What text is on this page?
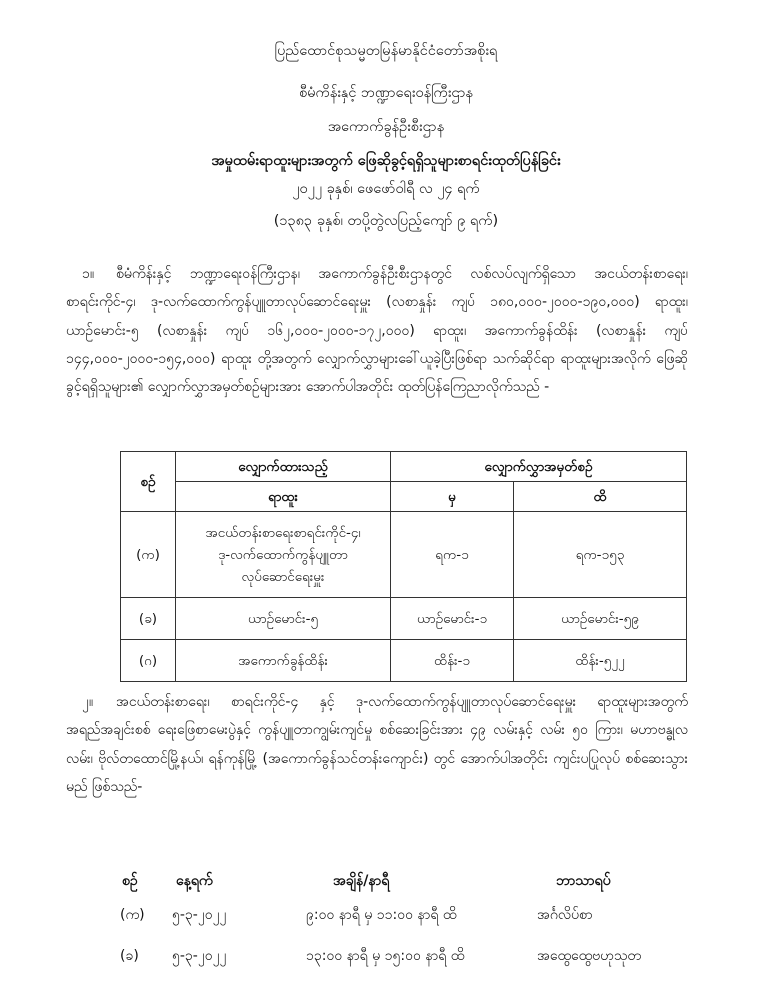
ပြည်ထောင်စုသမ္မတမြန်မာနိုင်ငံတော်အစိုးရ
စီမံကိန်းနှင့် ဘဏ္ဍာရေးဝန်ကြီးဌာန
အကောက်ခွန်ဦးစီးဌာန
အမှုထမ်းရာထူးများအတွက် ဖြေဆိုခွင့်ရရှိသူများစာရင်းထုတ်ပြန်ခြင်း
၂၀၂၂ ခုနှစ်၊ ဖေဖော်ဝါရီ လ ၂၄ ရက်
(၁၃၈၃ ခုနှစ်၊ တပို့တွဲလပြည့်ကျော် ၉ ရက်)
၁။ စီမံကိန်းနှင့် ဘဏ္ဍာရေးဝန်ကြီးဌာန၊ အကောက်ခွန်ဦးစီးဌာနတွင် လစ်လပ်လျက်ရှိသော အငယ်တန်းစာရေး၊ စာရင်းကိုင်-၄၊ ဒု-လက်ထောက်ကွန်ပျူတာလုပ်ဆောင်ရေးမှူး (လစာနှုန်း ကျပ် ၁၈၀,၀၀၀-၂၀၀၀-၁၉၀,၀၀၀) ရာထူး၊ ယာဉ်မောင်း-၅ (လစာနှုန်း ကျပ် ၁၆၂,၀၀၀-၂၀၀၀-၁၇၂,၀၀၀) ရာထူး၊ အကောက်ခွန်ထိန်း (လစာနှုန်း ကျပ် ၁၄၄,၀၀၀-၂၀၀၀-၁၅၄,၀၀၀) ရာထူး တို့အတွက် လျှောက်လွှာများခေါ်ယူခဲ့ပြီးဖြစ်ရာ သက်ဆိုင်ရာ ရာထူးများအလိုက် ဖြေဆိုခွင့်ရရှိသူများ၏ လျှောက်လွှာအမှတ်စဉ်များအား အောက်ပါအတိုင်း ထုတ်ပြန်ကြေညာလိုက်သည် -
စဉ်	လျှောက်ထားသည့်	လျှောက်လွှာအမှတ်စဉ်	
	ရာထူး	မှ	ထိ
(က)	အငယ်တန်းစာရေးစာရင်းကိုင်-၄၊
ဒု-လက်ထောက်ကွန်ပျူတာ
လုပ်ဆောင်ရေးမှူး	ရက-၁	ရက-၁၅၃
(ခ)	ယာဉ်မောင်း-၅	ယာဉ်မောင်း-၁	ယာဉ်မောင်း-၅၉
(ဂ)	အကောက်ခွန်ထိန်း	ထိန်း-၁	ထိန်း-၅၂၂
၂။ အငယ်တန်းစာရေး၊ စာရင်းကိုင်-၄ နှင့် ဒု-လက်ထောက်ကွန်ပျူတာလုပ်ဆောင်ရေးမှူး ရာထူးများအတွက် အရည်အချင်းစစ် ရေးဖြေစာမေးပွဲနှင့် ကွန်ပျူတာကျွမ်းကျင်မှု စစ်ဆေးခြင်းအား ၄၉ လမ်းနှင့် လမ်း ၅၀ ကြား၊ မဟာဗန္ဓုလလမ်း၊ ဗိုလ်တထောင်မြို့နယ်၊ ရန်ကုန်မြို့ (အကောက်ခွန်သင်တန်းကျောင်း) တွင် အောက်ပါအတိုင်း ကျင်းပပြုလုပ် စစ်ဆေးသွားမည် ဖြစ်သည်-
စဉ်	နေ့ရက်	အချိန်/နာရီ	ဘာသာရပ်
(က) ၅-၃-၂၀၂၂	၉:၀၀ နာရီ မှ ၁၁:၀၀ နာရီ ထိ	အင်္ဂလိပ်စာ
(ခ) ၅-၃-၂၀၂၂	၁၃:၀၀ နာရီ မှ ၁၅:၀၀ နာရီ ထိ	အထွေထွေဗဟုသုတ
